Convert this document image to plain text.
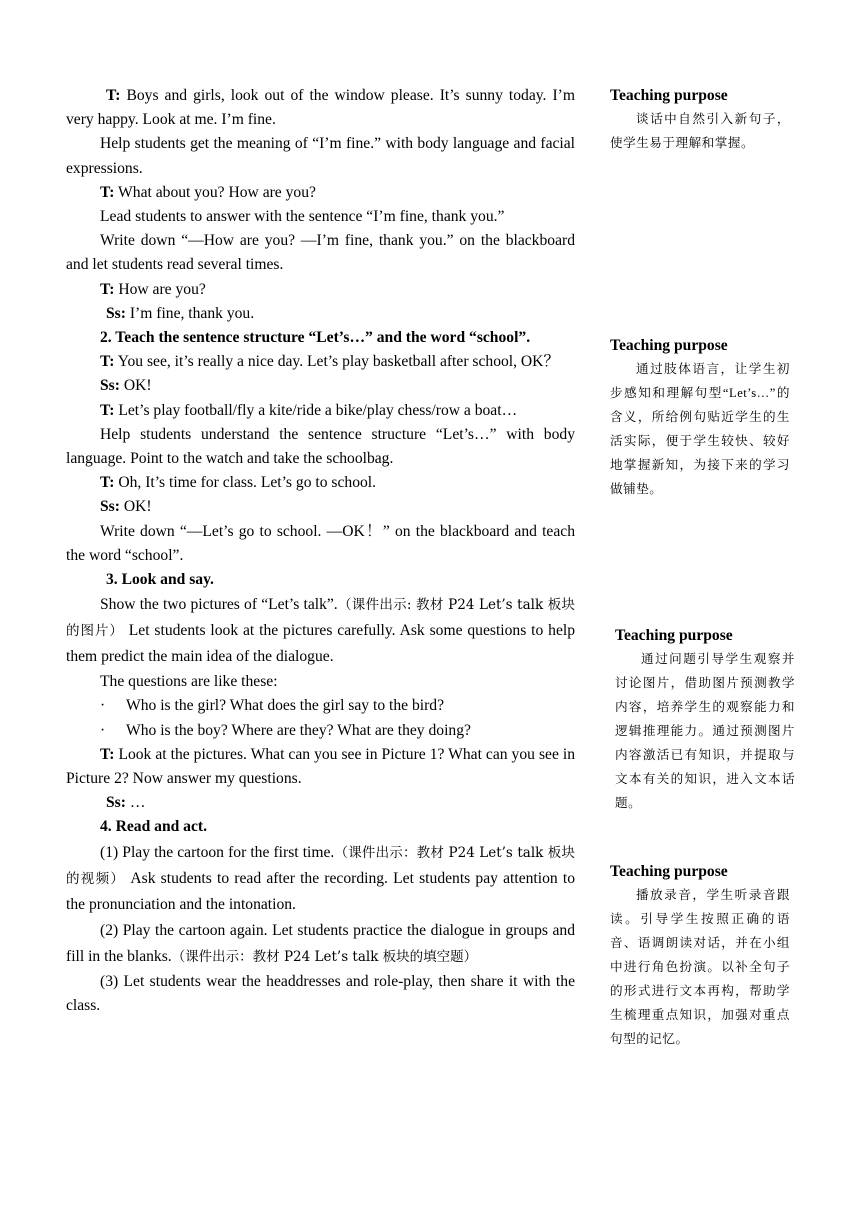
T: Boys and girls, look out of the window please. It’s sunny today. I’m very happy. Look at me. I’m fine.

Help students get the meaning of “I’m fine.” with body language and facial expressions.

T: What about you? How are you?

Lead students to answer with the sentence “I’m fine, thank you.”

Write down “—How are you? —I’m fine, thank you.” on the blackboard and let students read several times.

T: How are you?

Ss: I’m fine, thank you.

2. Teach the sentence structure “Let’s…” and the word “school”.

T: You see, it’s really a nice day. Let’s play basketball after school, OK？

Ss: OK!

T: Let’s play football/fly a kite/ride a bike/play chess/row a boat…

Help students understand the sentence structure “Let’s…” with body language. Point to the watch and take the schoolbag.

T: Oh, It’s time for class. Let’s go to school.

Ss: OK!

Write down “—Let’s go to school. —OK！” on the blackboard and teach the word “school”.

3. Look and say.

Show the two pictures of “Let’s talk”.（课件出示: 教材 P24 Let’s talk 板块的图片） Let students look at the pictures carefully. Ask some questions to help them predict the main idea of the dialogue.

The questions are like these:

· Who is the girl? What does the girl say to the bird?

· Who is the boy? Where are they? What are they doing?

T: Look at the pictures. What can you see in Picture 1? What can you see in Picture 2? Now answer my questions.

Ss: …

4. Read and act.

(1) Play the cartoon for the first time.（课件出示：教材 P24 Let’s talk 板块的视频） Ask students to read after the recording. Let students pay attention to the pronunciation and the intonation.

(2) Play the cartoon again. Let students practice the dialogue in groups and fill in the blanks.（课件出示：教材 P24 Let’s talk 板块的填空题）

(3) Let students wear the headdresses and role-play, then share it with the class.

Teaching purpose

谈话中自然引入新句子，使学生易于理解和掌握。

Teaching purpose

通过肢体语言，让学生初步感知和理解句型“Let’s…”的含义，所给例句贴近学生的生活实际，便于学生较快、较好地掌握新知，为接下来的学习做铺垫。

Teaching purpose

通过问题引导学生观察并讨论图片，借助图片预测教学内容，培养学生的观察能力和逻辑推理能力。通过预测图片内容激活已有知识，并提取与文本有关的知识，进入文本话题。

Teaching purpose

播放录音，学生听录音跟读。引导学生按照正确的语音、语调朗读对话，并在小组中进行角色扮演。以补全句子的形式进行文本再构，帮助学生梳理重点知识，加强对重点句型的记忆。
